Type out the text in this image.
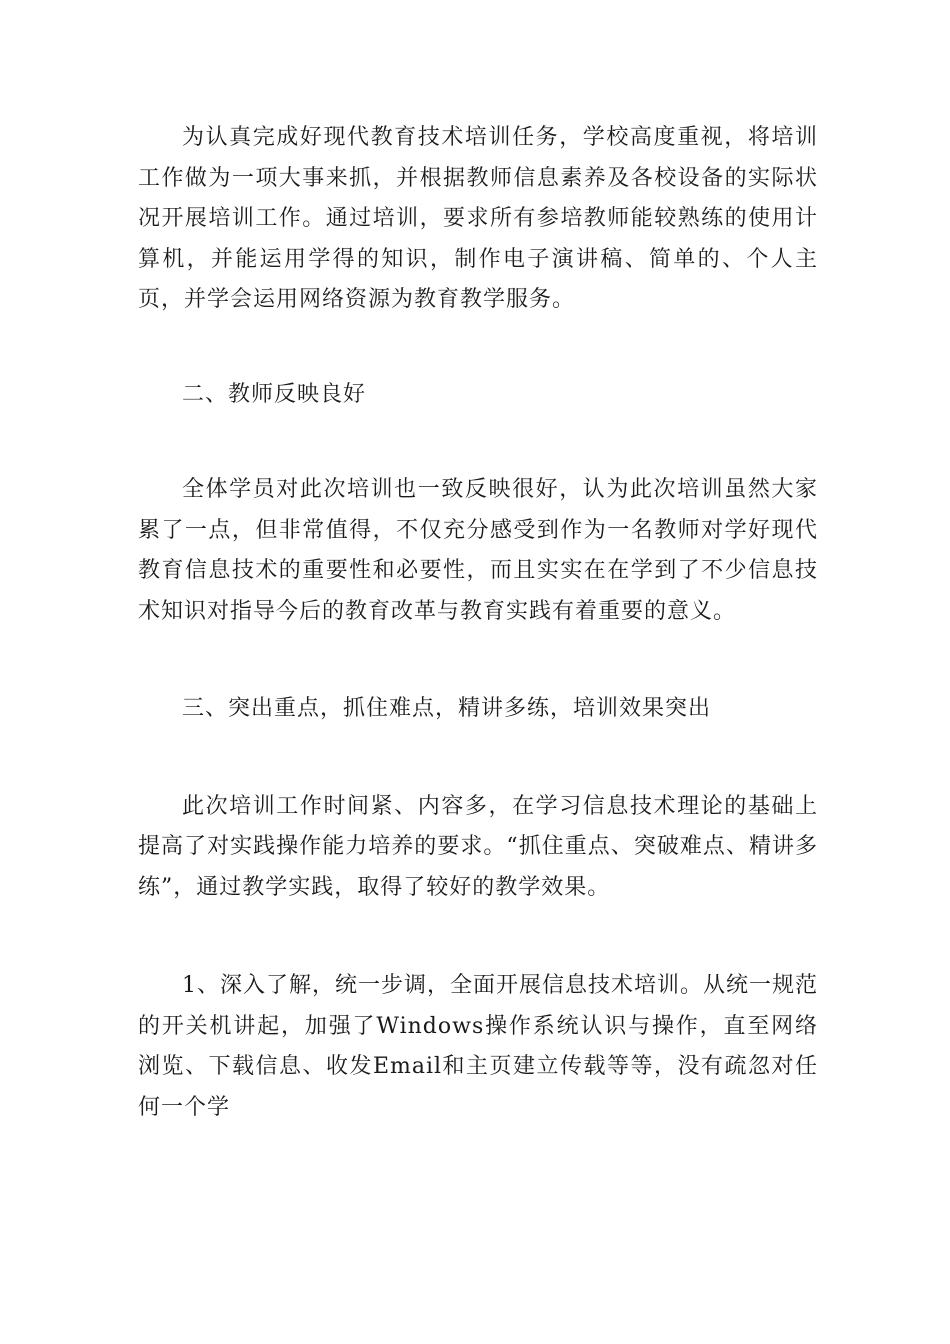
为认真完成好现代教育技术培训任务，学校高度重视，将培训工作做为一项大事来抓，并根据教师信息素养及各校设备的实际状况开展培训工作。通过培训，要求所有参培教师能较熟练的使用计算机，并能运用学得的知识，制作电子演讲稿、简单的、个人主页，并学会运用网络资源为教育教学服务。

二、教师反映良好

全体学员对此次培训也一致反映很好，认为此次培训虽然大家累了一点，但非常值得，不仅充分感受到作为一名教师对学好现代教育信息技术的重要性和必要性，而且实实在在学到了不少信息技术知识对指导今后的教育改革与教育实践有着重要的意义。

三、突出重点，抓住难点，精讲多练，培训效果突出

此次培训工作时间紧、内容多，在学习信息技术理论的基础上提高了对实践操作能力培养的要求。“抓住重点、突破难点、精讲多练”，通过教学实践，取得了较好的教学效果。

1、深入了解，统一步调，全面开展信息技术培训。从统一规范的开关机讲起，加强了Windows操作系统认识与操作，直至网络浏览、下载信息、收发Email和主页建立传载等等，没有疏忽对任何一个学
